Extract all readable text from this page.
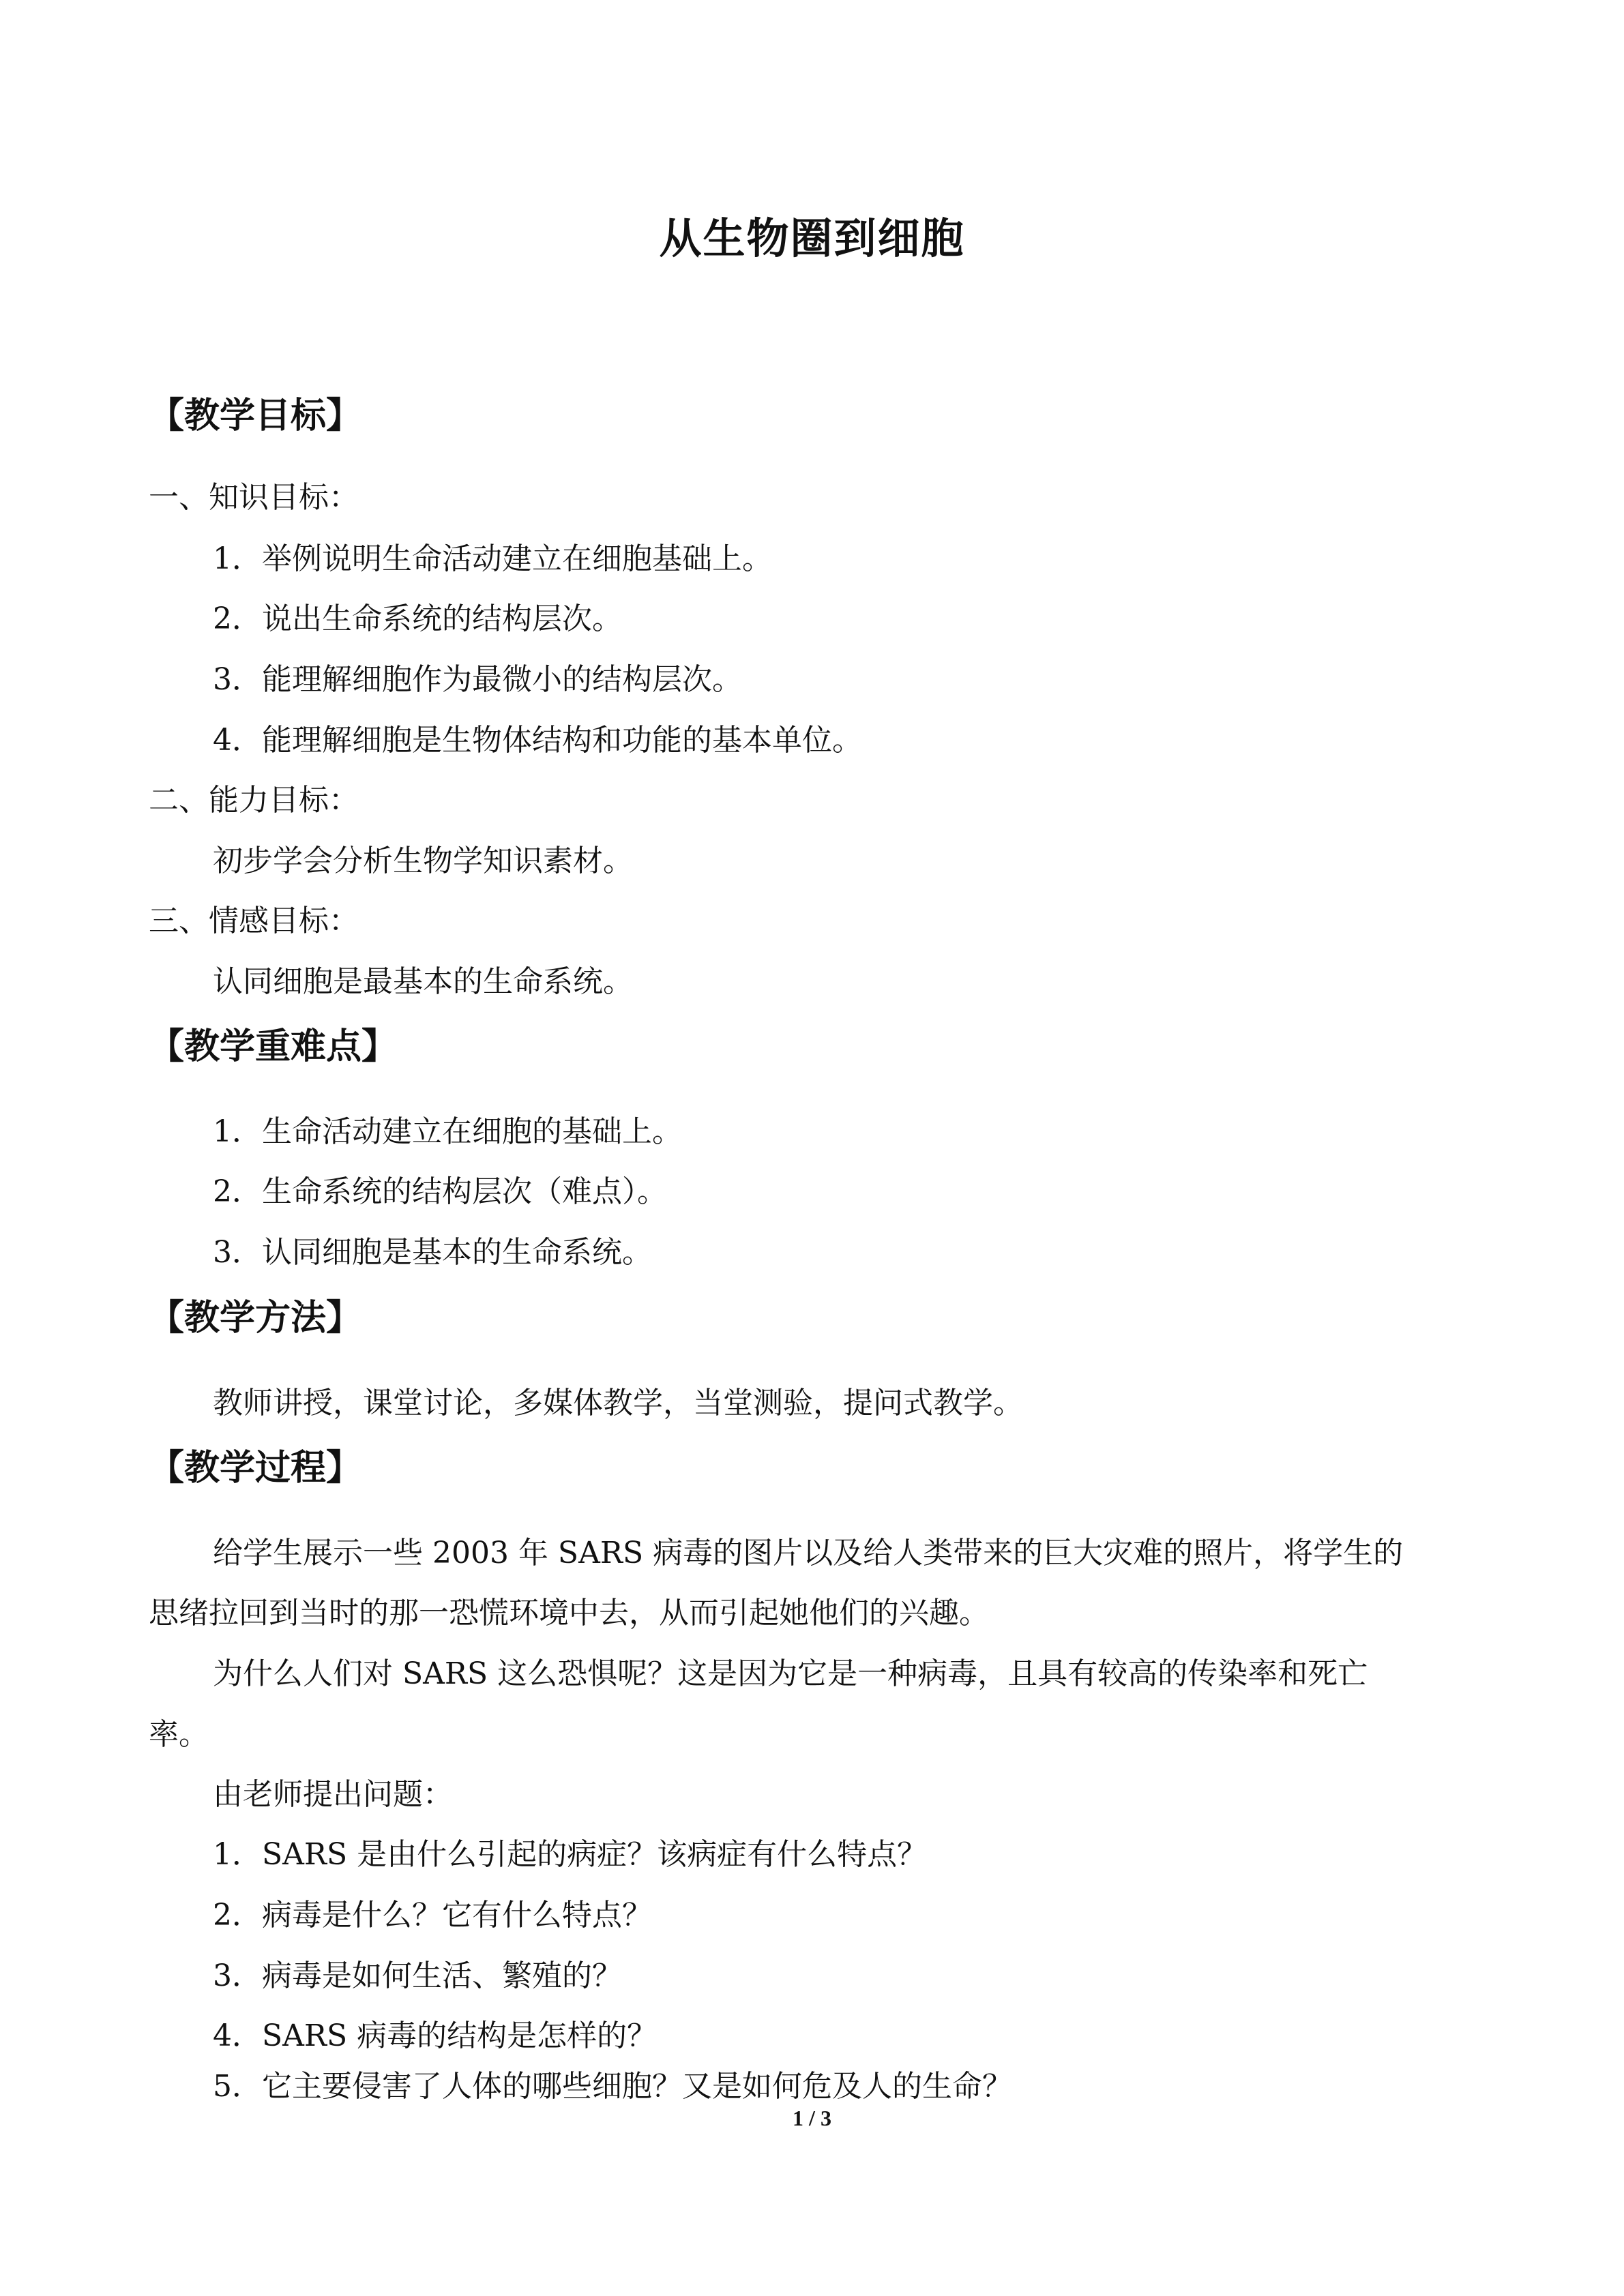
从生物圈到细胞
【教学目标】
一、知识目标：
1．举例说明生命活动建立在细胞基础上。
2．说出生命系统的结构层次。
3．能理解细胞作为最微小的结构层次。
4．能理解细胞是生物体结构和功能的基本单位。
二、能力目标：
初步学会分析生物学知识素材。
三、情感目标：
认同细胞是最基本的生命系统。
【教学重难点】
1．生命活动建立在细胞的基础上。
2．生命系统的结构层次（难点）。
3．认同细胞是基本的生命系统。
【教学方法】
教师讲授，课堂讨论，多媒体教学，当堂测验，提问式教学。
【教学过程】
给学生展示一些 2003 年 SARS 病毒的图片以及给人类带来的巨大灾难的照片，将学生的
思绪拉回到当时的那一恐慌环境中去，从而引起她他们的兴趣。
为什么人们对 SARS 这么恐惧呢？这是因为它是一种病毒，且具有较高的传染率和死亡
率。
由老师提出问题：
1．SARS 是由什么引起的病症？该病症有什么特点？
2．病毒是什么？它有什么特点？
3．病毒是如何生活、繁殖的？
4．SARS 病毒的结构是怎样的？
5．它主要侵害了人体的哪些细胞？又是如何危及人的生命？
1 / 3
